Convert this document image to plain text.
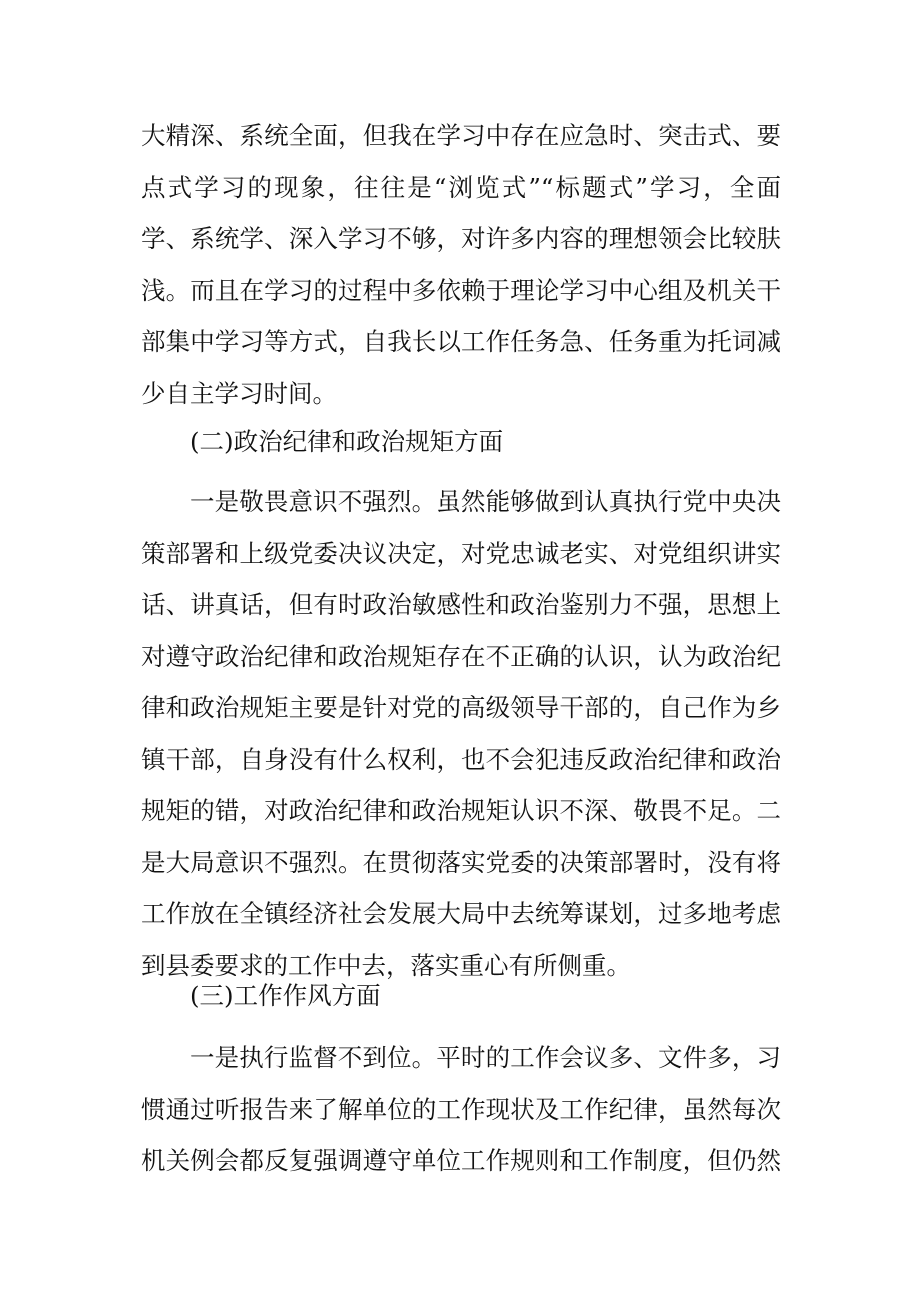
大精深、系统全面，但我在学习中存在应急时、突击式、要
点式学习的现象，往往是“浏览式”“标题式”学习，全面
学、系统学、深入学习不够，对许多内容的理想领会比较肤
浅。而且在学习的过程中多依赖于理论学习中心组及机关干
部集中学习等方式，自我长以工作任务急、任务重为托词减
少自主学习时间。
(二)政治纪律和政治规矩方面
一是敬畏意识不强烈。虽然能够做到认真执行党中央决
策部署和上级党委决议决定，对党忠诚老实、对党组织讲实
话、讲真话，但有时政治敏感性和政治鉴别力不强，思想上
对遵守政治纪律和政治规矩存在不正确的认识，认为政治纪
律和政治规矩主要是针对党的高级领导干部的，自己作为乡
镇干部，自身没有什么权利，也不会犯违反政治纪律和政治
规矩的错，对政治纪律和政治规矩认识不深、敬畏不足。二
是大局意识不强烈。在贯彻落实党委的决策部署时，没有将
工作放在全镇经济社会发展大局中去统筹谋划，过多地考虑
到县委要求的工作中去，落实重心有所侧重。
(三)工作作风方面
一是执行监督不到位。平时的工作会议多、文件多，习
惯通过听报告来了解单位的工作现状及工作纪律，虽然每次
机关例会都反复强调遵守单位工作规则和工作制度，但仍然
